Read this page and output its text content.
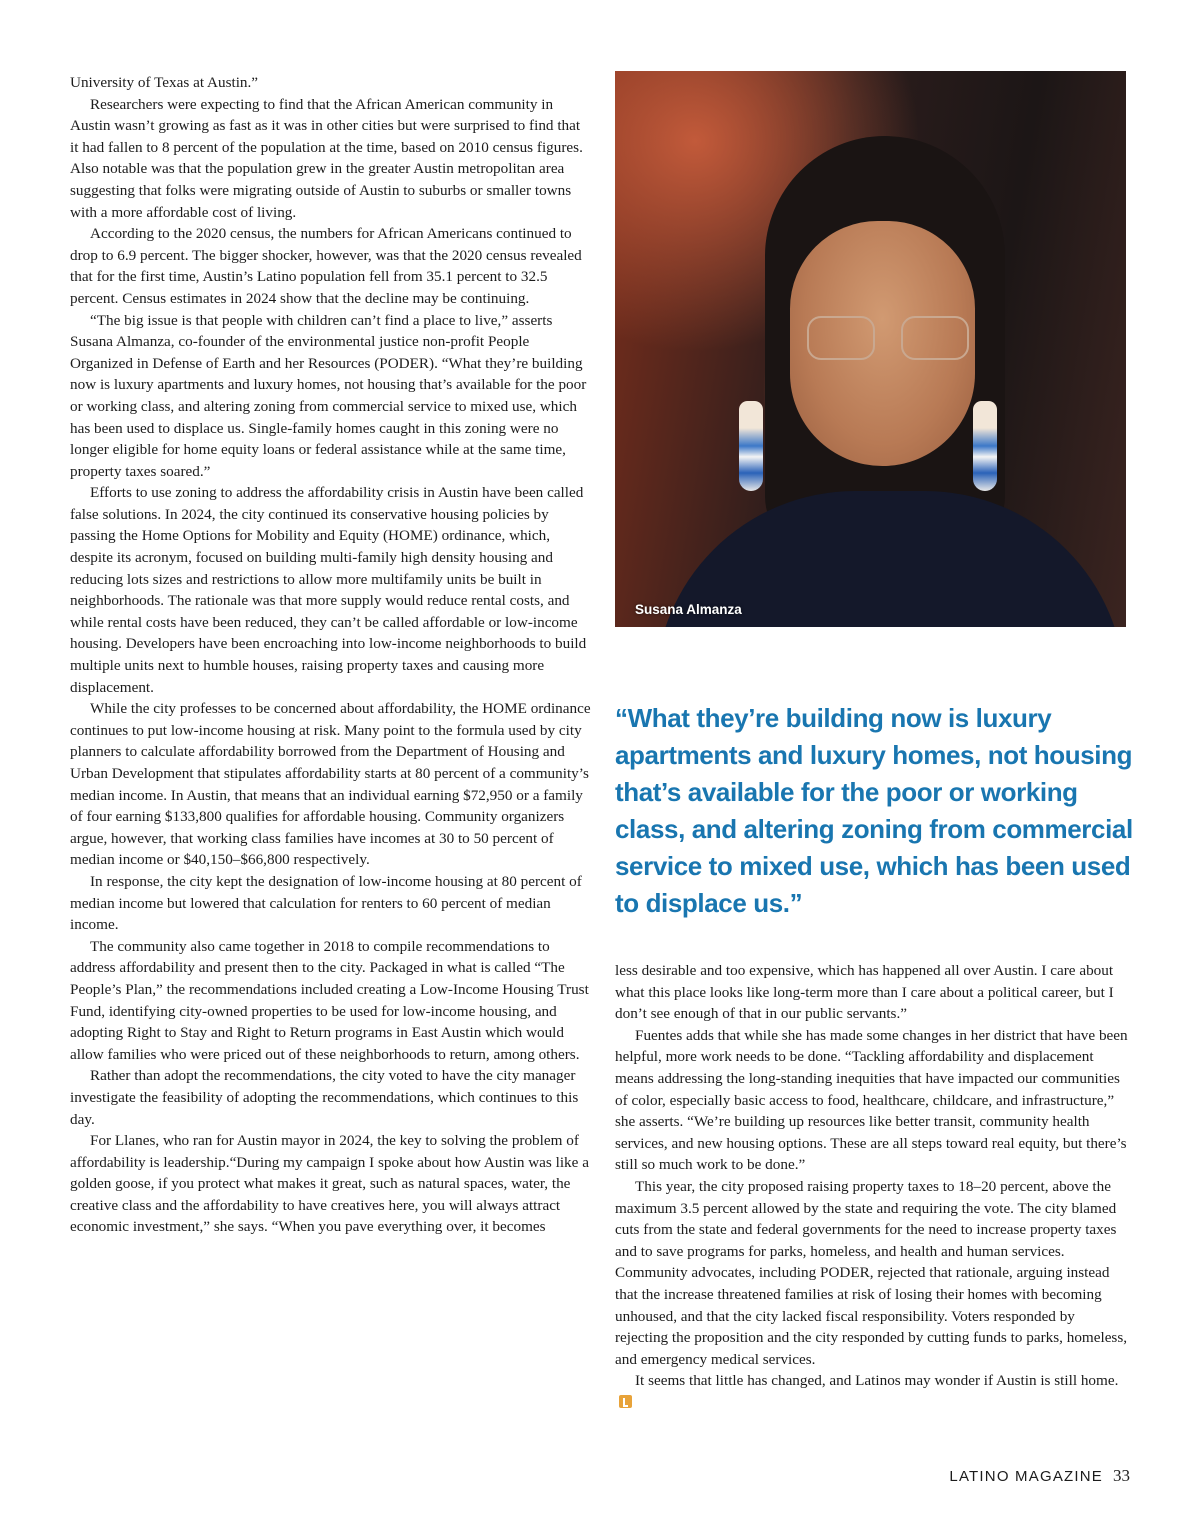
University of Texas at Austin.”

Researchers were expecting to find that the African American community in Austin wasn’t growing as fast as it was in other cities but were surprised to find that it had fallen to 8 percent of the population at the time, based on 2010 census figures. Also notable was that the population grew in the greater Austin metropolitan area suggesting that folks were migrating outside of Austin to suburbs or smaller towns with a more affordable cost of living.

According to the 2020 census, the numbers for African Americans continued to drop to 6.9 percent. The bigger shocker, however, was that the 2020 census revealed that for the first time, Austin’s Latino population fell from 35.1 percent to 32.5 percent. Census estimates in 2024 show that the decline may be continuing.

“The big issue is that people with children can’t find a place to live,” asserts Susana Almanza, co-founder of the environmental justice non-profit People Organized in Defense of Earth and her Resources (PODER). “What they’re building now is luxury apartments and luxury homes, not housing that’s available for the poor or working class, and altering zoning from commercial service to mixed use, which has been used to displace us. Single-family homes caught in this zoning were no longer eligible for home equity loans or federal assistance while at the same time, property taxes soared.”

Efforts to use zoning to address the affordability crisis in Austin have been called false solutions. In 2024, the city continued its conservative housing policies by passing the Home Options for Mobility and Equity (HOME) ordinance, which, despite its acronym, focused on building multi-family high density housing and reducing lots sizes and restrictions to allow more multifamily units be built in neighborhoods. The rationale was that more supply would reduce rental costs, and while rental costs have been reduced, they can’t be called affordable or low-income housing. Developers have been encroaching into low-income neighborhoods to build multiple units next to humble houses, raising property taxes and causing more displacement.

While the city professes to be concerned about affordability, the HOME ordinance continues to put low-income housing at risk. Many point to the formula used by city planners to calculate affordability borrowed from the Department of Housing and Urban Development that stipulates affordability starts at 80 percent of a community’s median income. In Austin, that means that an individual earning $72,950 or a family of four earning $133,800 qualifies for affordable housing. Community organizers argue, however, that working class families have incomes at 30 to 50 percent of median income or $40,150–$66,800 respectively.

In response, the city kept the designation of low-income housing at 80 percent of median income but lowered that calculation for renters to 60 percent of median income.

The community also came together in 2018 to compile recommendations to address affordability and present then to the city. Packaged in what is called “The People’s Plan,” the recommendations included creating a Low-Income Housing Trust Fund, identifying city-owned properties to be used for low-income housing, and adopting Right to Stay and Right to Return programs in East Austin which would allow families who were priced out of these neighborhoods to return, among others.

Rather than adopt the recommendations, the city voted to have the city manager investigate the feasibility of adopting the recommendations, which continues to this day.

For Llanes, who ran for Austin mayor in 2024, the key to solving the problem of affordability is leadership.“During my campaign I spoke about how Austin was like a golden goose, if you protect what makes it great, such as natural spaces, water, the creative class and the affordability to have creatives here, you will always attract economic investment,” she says. “When you pave everything over, it becomes

Susana Almanza

“What they’re building now is luxury apartments and luxury homes, not housing that’s available for the poor or working class, and altering zoning from commercial service to mixed use, which has been used to displace us.”

less desirable and too expensive, which has happened all over Austin. I care about what this place looks like long-term more than I care about a political career, but I don’t see enough of that in our public servants.”

Fuentes adds that while she has made some changes in her district that have been helpful, more work needs to be done. “Tackling affordability and displacement means addressing the long-standing inequities that have impacted our communities of color, especially basic access to food, healthcare, childcare, and infrastructure,” she asserts. “We’re building up resources like better transit, community health services, and new housing options. These are all steps toward real equity, but there’s still so much work to be done.”

This year, the city proposed raising property taxes to 18–20 percent, above the maximum 3.5 percent allowed by the state and requiring the vote. The city blamed cuts from the state and federal governments for the need to increase property taxes and to save programs for parks, homeless, and health and human services. Community advocates, including PODER, rejected that rationale, arguing instead that the increase threatened families at risk of losing their homes with becoming unhoused, and that the city lacked fiscal responsibility. Voters responded by rejecting the proposition and the city responded by cutting funds to parks, homeless, and emergency medical services.

It seems that little has changed, and Latinos may wonder if Austin is still home.

LATINO MAGAZINE 33
